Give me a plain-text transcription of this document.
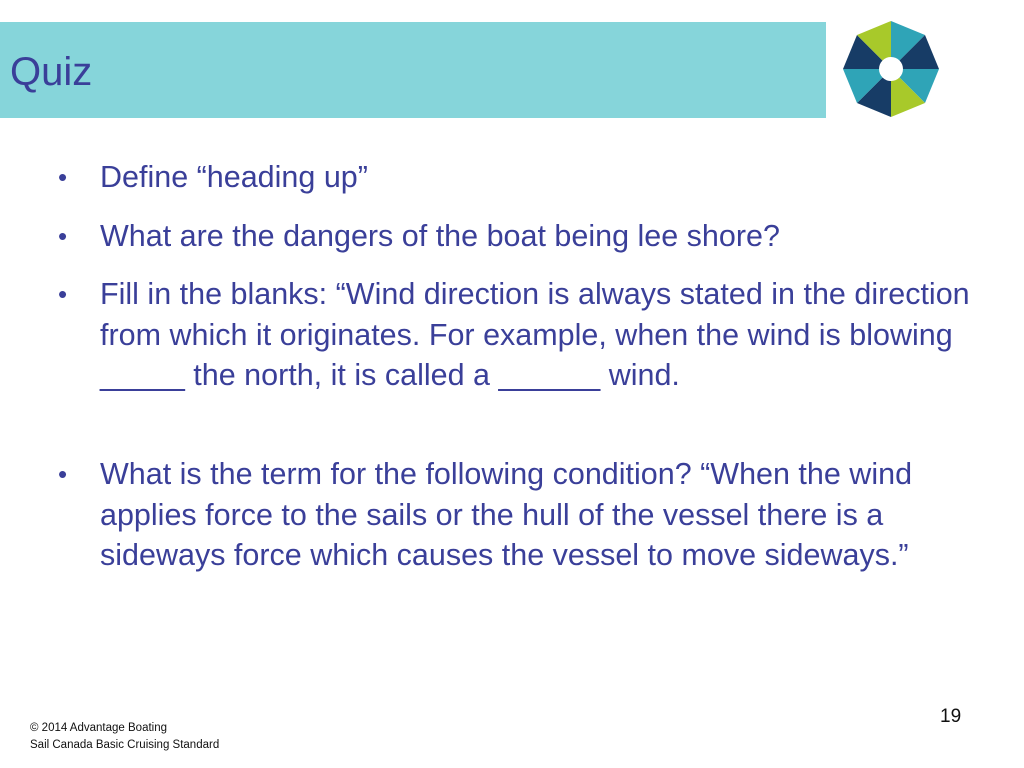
Quiz
• Define “heading up”
• What are the dangers of the boat being lee shore?
• Fill in the blanks: “Wind direction is always stated in the direction from which it originates. For example, when the wind is blowing _____ the north, it is called a ______ wind.
• What is the term for the following condition? “When the wind applies force to the sails or the hull of the vessel there is a sideways force which causes the vessel to move sideways.”
© 2014 Advantage Boating
Sail Canada Basic Cruising Standard
19
